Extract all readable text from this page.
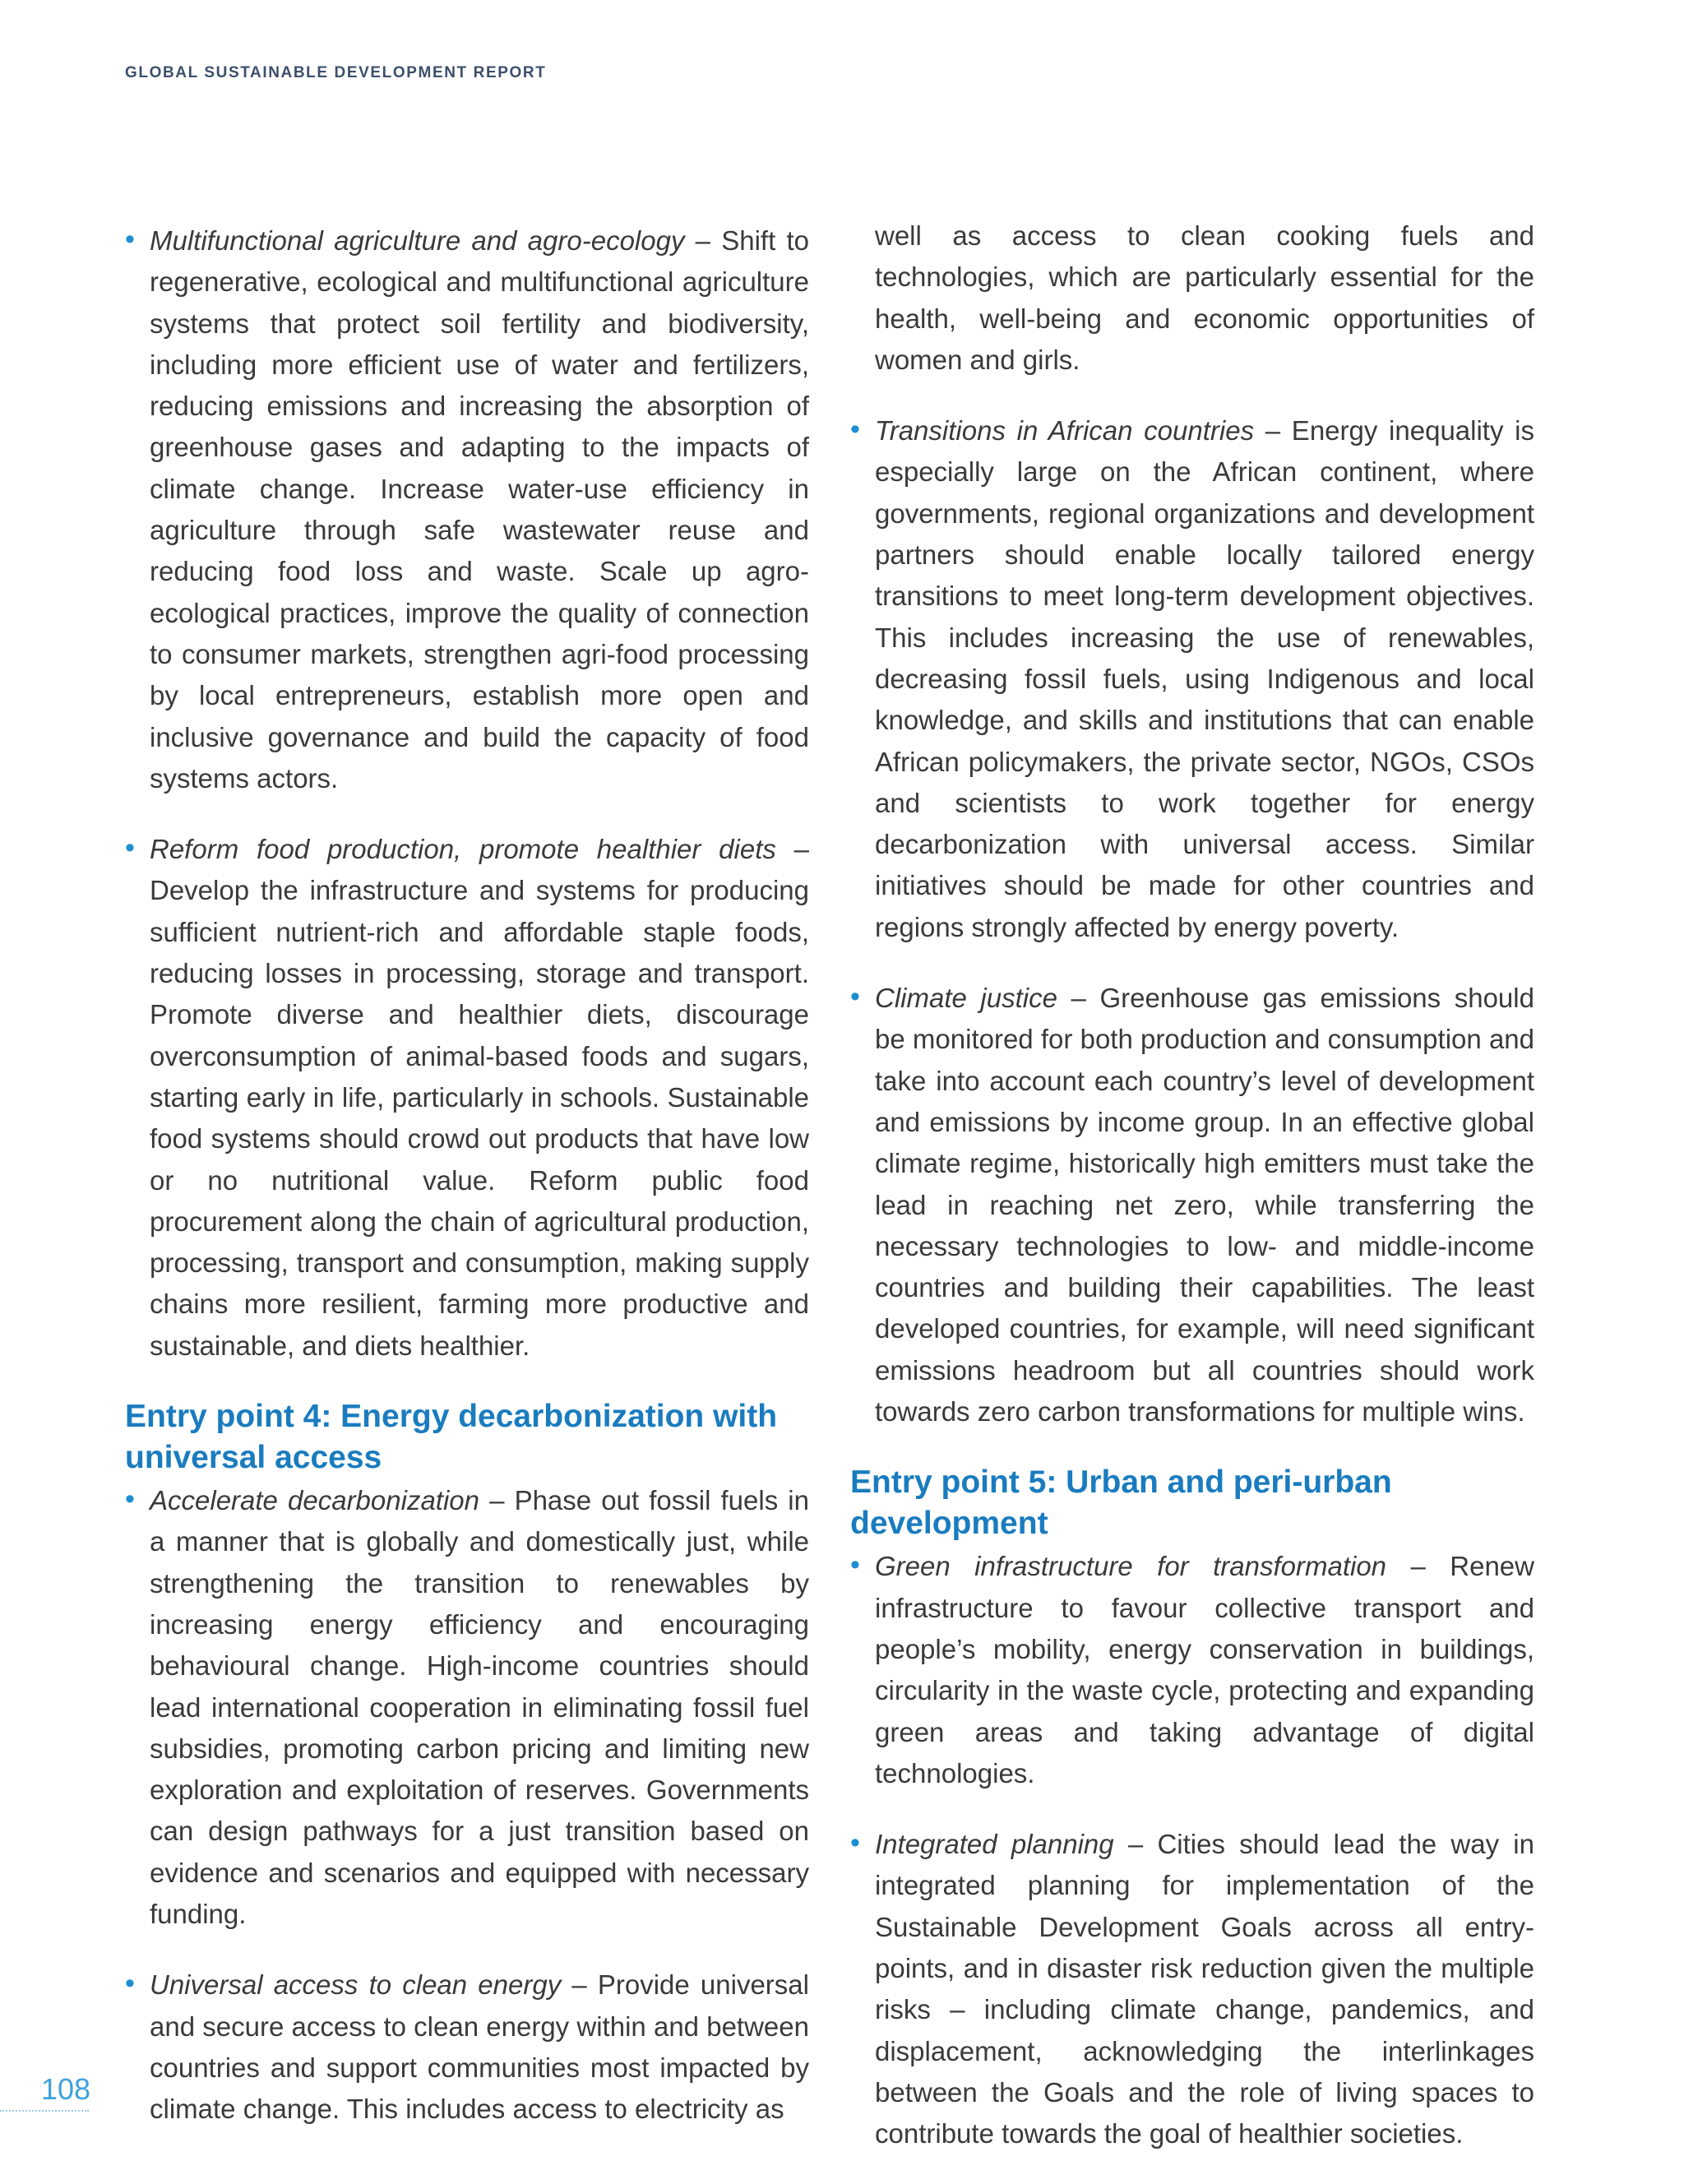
GLOBAL SUSTAINABLE DEVELOPMENT REPORT

• Multifunctional agriculture and agro-ecology – Shift to regenerative, ecological and multifunctional agriculture systems that protect soil fertility and biodiversity, including more efficient use of water and fertilizers, reducing emissions and increasing the absorption of greenhouse gases and adapting to the impacts of climate change. Increase water-use efficiency in agriculture through safe wastewater reuse and reducing food loss and waste. Scale up agro-ecological practices, improve the quality of connection to consumer markets, strengthen agri-food processing by local entrepreneurs, establish more open and inclusive governance and build the capacity of food systems actors.

• Reform food production, promote healthier diets – Develop the infrastructure and systems for producing sufficient nutrient-rich and affordable staple foods, reducing losses in processing, storage and transport. Promote diverse and healthier diets, discourage overconsumption of animal-based foods and sugars, starting early in life, particularly in schools. Sustainable food systems should crowd out products that have low or no nutritional value. Reform public food procurement along the chain of agricultural production, processing, transport and consumption, making supply chains more resilient, farming more productive and sustainable, and diets healthier.

Entry point 4: Energy decarbonization with universal access

• Accelerate decarbonization – Phase out fossil fuels in a manner that is globally and domestically just, while strengthening the transition to renewables by increasing energy efficiency and encouraging behavioural change. High-income countries should lead international cooperation in eliminating fossil fuel subsidies, promoting carbon pricing and limiting new exploration and exploitation of reserves. Governments can design pathways for a just transition based on evidence and scenarios and equipped with necessary funding.

• Universal access to clean energy – Provide universal and secure access to clean energy within and between countries and support communities most impacted by climate change. This includes access to electricity as

well as access to clean cooking fuels and technologies, which are particularly essential for the health, well-being and economic opportunities of women and girls.

• Transitions in African countries – Energy inequality is especially large on the African continent, where governments, regional organizations and development partners should enable locally tailored energy transitions to meet long-term development objectives. This includes increasing the use of renewables, decreasing fossil fuels, using Indigenous and local knowledge, and skills and institutions that can enable African policymakers, the private sector, NGOs, CSOs and scientists to work together for energy decarbonization with universal access. Similar initiatives should be made for other countries and regions strongly affected by energy poverty.

• Climate justice – Greenhouse gas emissions should be monitored for both production and consumption and take into account each country’s level of development and emissions by income group. In an effective global climate regime, historically high emitters must take the lead in reaching net zero, while transferring the necessary technologies to low- and middle-income countries and building their capabilities. The least developed countries, for example, will need significant emissions headroom but all countries should work towards zero carbon transformations for multiple wins.

Entry point 5: Urban and peri-urban development

• Green infrastructure for transformation – Renew infrastructure to favour collective transport and people’s mobility, energy conservation in buildings, circularity in the waste cycle, protecting and expanding green areas and taking advantage of digital technologies.

• Integrated planning – Cities should lead the way in integrated planning for implementation of the Sustainable Development Goals across all entry-points, and in disaster risk reduction given the multiple risks – including climate change, pandemics, and displacement, acknowledging the interlinkages between the Goals and the role of living spaces to contribute towards the goal of healthier societies.

108
